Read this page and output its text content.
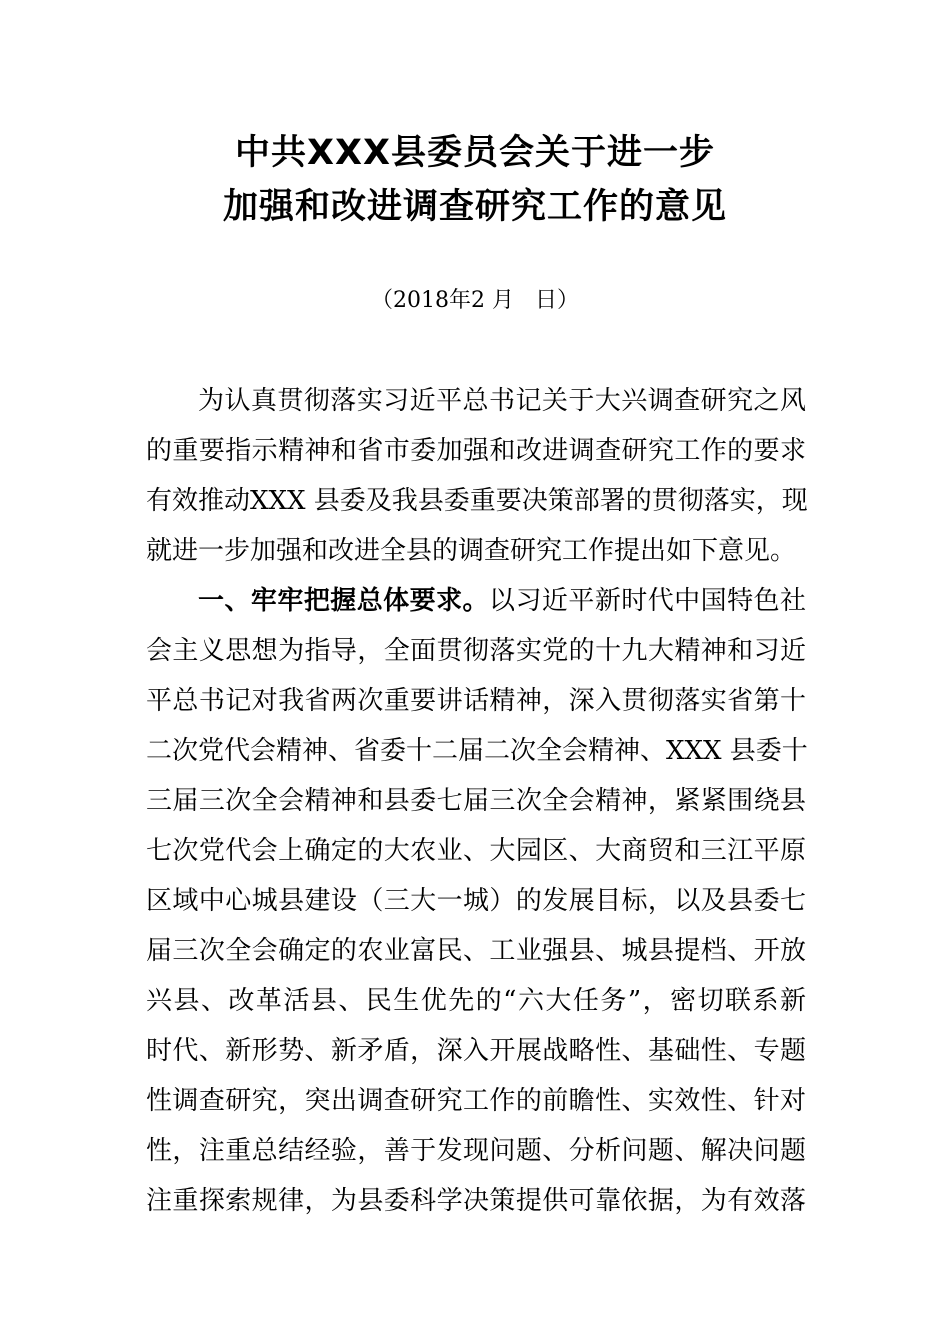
中共XXX县委员会关于进一步
加强和改进调查研究工作的意见
（2018年2 月   日）
为认真贯彻落实习近平总书记关于大兴调查研究之风
的重要指示精神和省市委加强和改进调查研究工作的要求
有效推动XXX 县委及我县委重要决策部署的贯彻落实，现
就进一步加强和改进全县的调查研究工作提出如下意见。
一、牢牢把握总体要求。以习近平新时代中国特色社
会主义思想为指导，全面贯彻落实党的十九大精神和习近
平总书记对我省两次重要讲话精神，深入贯彻落实省第十
二次党代会精神、省委十二届二次全会精神、XXX 县委十
三届三次全会精神和县委七届三次全会精神，紧紧围绕县
七次党代会上确定的大农业、大园区、大商贸和三江平原
区域中心城县建设（三大一城）的发展目标，以及县委七
届三次全会确定的农业富民、工业强县、城县提档、开放
兴县、改革活县、民生优先的“六大任务”，密切联系新
时代、新形势、新矛盾，深入开展战略性、基础性、专题
性调查研究，突出调查研究工作的前瞻性、实效性、针对
性，注重总结经验，善于发现问题、分析问题、解决问题
注重探索规律，为县委科学决策提供可靠依据，为有效落
